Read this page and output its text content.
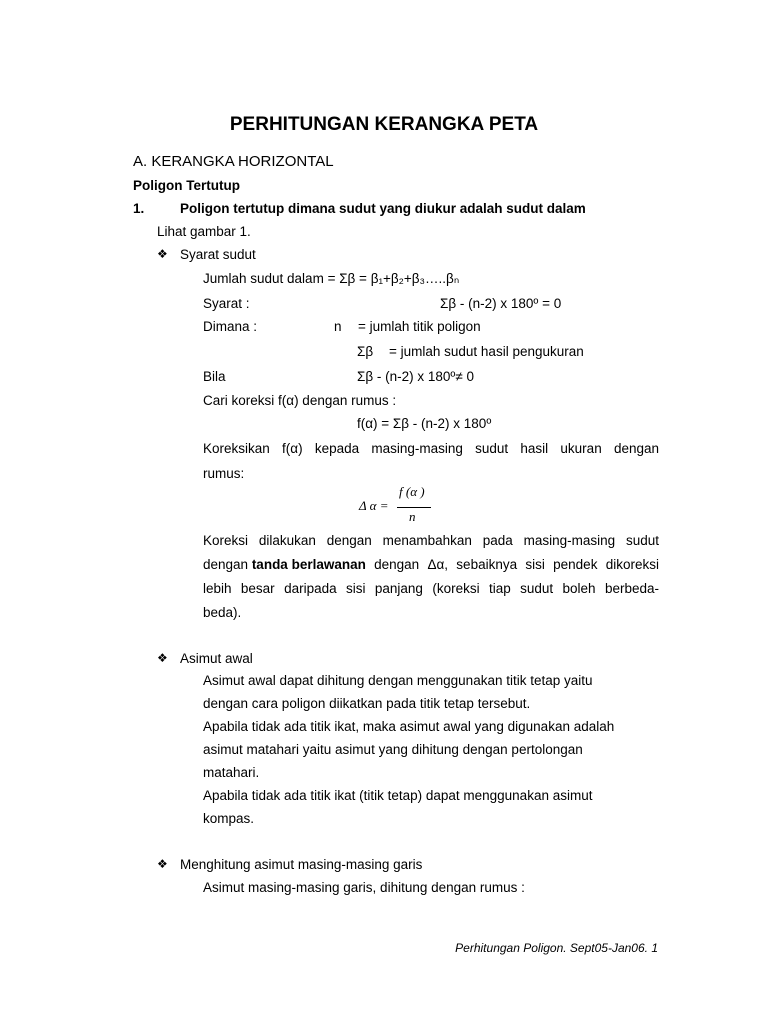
PERHITUNGAN KERANGKA PETA
A. KERANGKA HORIZONTAL
Poligon Tertutup
1.	Poligon tertutup dimana sudut yang diukur adalah sudut dalam
Lihat gambar 1.
❖ Syarat sudut
Jumlah sudut dalam = Σβ = β₁+β₂+β₃…..βₙ
Syarat :	Σβ - (n-2) x 180º = 0
Dimana :	n = jumlah titik poligon
Σβ = jumlah sudut hasil pengukuran
Bila	Σβ - (n-2) x 180º≠ 0
Cari koreksi f(α) dengan rumus :
f(α) = Σβ - (n-2) x 180º
Koreksikan f(α) kepada masing-masing sudut hasil ukuran dengan
rumus:
Δ α =
f (α )
n
Koreksi dilakukan dengan menambahkan pada masing-masing sudut
dengan tanda berlawanan dengan Δα, sebaiknya sisi pendek dikoreksi
lebih besar daripada sisi panjang (koreksi tiap sudut boleh berbeda-
beda).
❖ Asimut awal
Asimut awal dapat dihitung dengan menggunakan titik tetap yaitu
dengan cara poligon diikatkan pada titik tetap tersebut.
Apabila tidak ada titik ikat, maka asimut awal yang digunakan adalah
asimut matahari yaitu asimut yang dihitung dengan pertolongan
matahari.
Apabila tidak ada titik ikat (titik tetap) dapat menggunakan asimut
kompas.
❖ Menghitung asimut masing-masing garis
Asimut masing-masing garis, dihitung dengan rumus :
Perhitungan Poligon. Sept05-Jan06. 1
